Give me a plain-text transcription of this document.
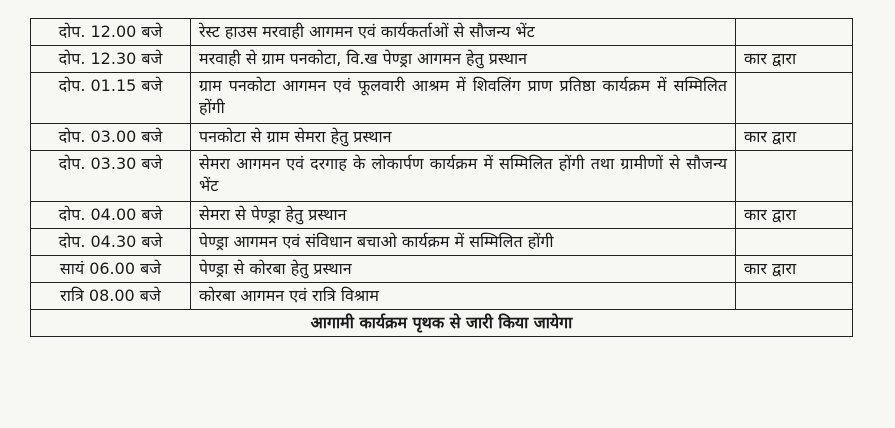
दोप. 12.00 बजे	रेस्ट हाउस मरवाही आगमन एवं कार्यकर्ताओं से सौजन्य भेंट	
दोप. 12.30 बजे	मरवाही से ग्राम पनकोटा, वि.ख पेण्ड्रा आगमन हेतु प्रस्थान	कार द्वारा
दोप. 01.15 बजे	ग्राम पनकोटा आगमन एवं फूलवारी आश्रम में शिवलिंग प्राण प्रतिष्ठा कार्यक्रम में सम्मिलित होंगी	
दोप. 03.00 बजे	पनकोटा से ग्राम सेमरा हेतु प्रस्थान	कार द्वारा
दोप. 03.30 बजे	सेमरा आगमन एवं दरगाह के लोकार्पण कार्यक्रम में सम्मिलित होंगी तथा ग्रामीणों से सौजन्य भेंट	
दोप. 04.00 बजे	सेमरा से पेण्ड्रा हेतु प्रस्थान	कार द्वारा
दोप. 04.30 बजे	पेण्ड्रा आगमन एवं संविधान बचाओ कार्यक्रम में सम्मिलित होंगी	
सायं 06.00 बजे	पेण्ड्रा से कोरबा हेतु प्रस्थान	कार द्वारा
रात्रि 08.00 बजे	कोरबा आगमन एवं रात्रि विश्राम	
आगामी कार्यक्रम पृथक से जारी किया जायेगा		
